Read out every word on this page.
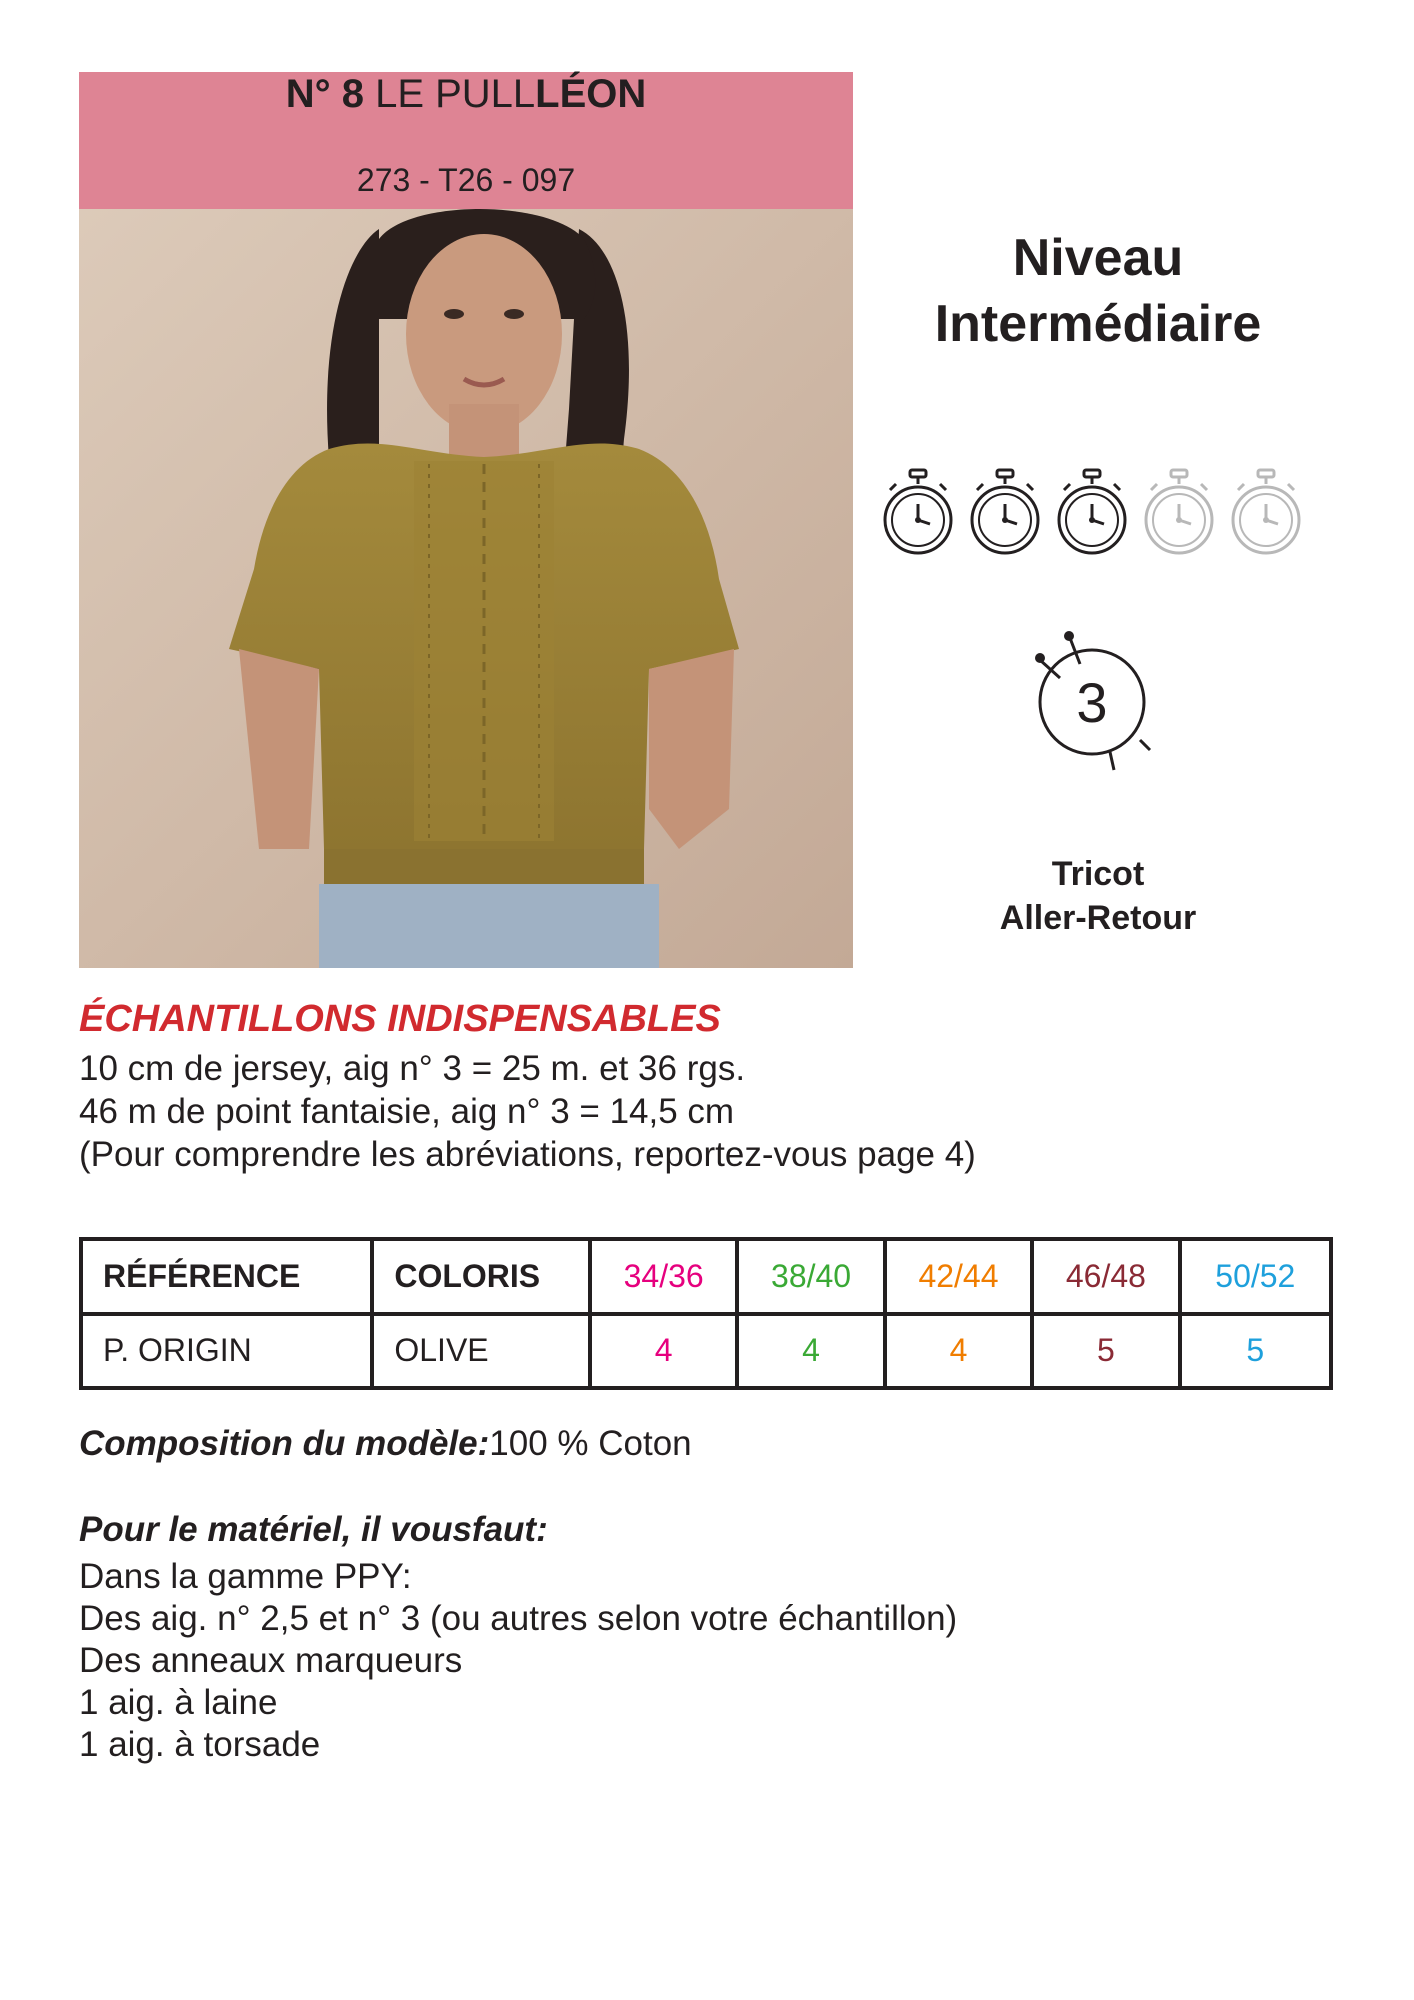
N° 8 LE PULLLÉON
273 - T26 - 097
Niveau
Intermédiaire
3
Tricot
Aller-Retour
ÉCHANTILLONS INDISPENSABLES
10 cm de jersey, aig n° 3 = 25 m. et 36 rgs.
46 m de point fantaisie, aig n° 3 = 14,5 cm
(Pour comprendre les abréviations, reportez-vous page 4)
RÉFÉRENCE	COLORIS	34/36	38/40	42/44	46/48	50/52
P. ORIGIN	OLIVE	4	4	4	5	5
Composition du modèle:100 % Coton
Pour le matériel, il vousfaut:
Dans la gamme PPY:
Des aig. n° 2,5 et n° 3 (ou autres selon votre échantillon)
Des anneaux marqueurs
1 aig. à laine
1 aig. à torsade
